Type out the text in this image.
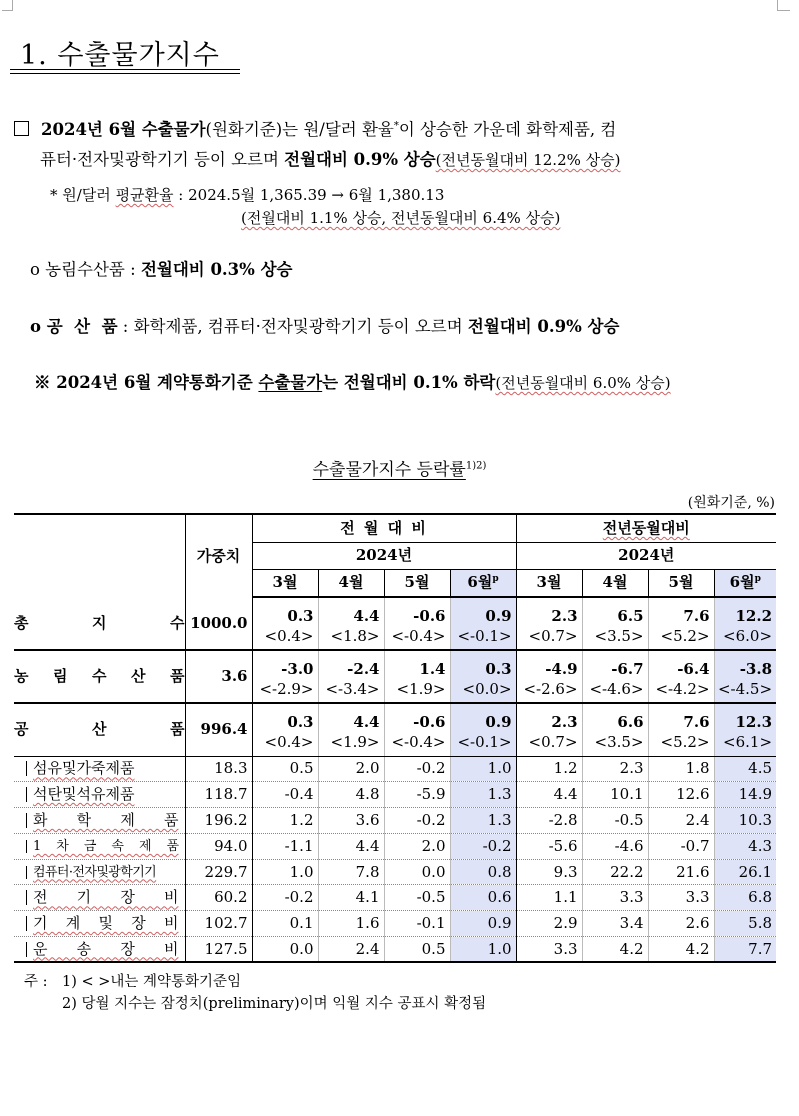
1. 수출물가지수
2024년 6월 수출물가(원화기준)는 원/달러 환율*이 상승한 가운데 화학제품, 컴
퓨터·전자및광학기기 등이 오르며 전월대비 0.9% 상승(전년동월대비 12.2% 상승)
* 원/달러 평균환율 : 2024.5월 1,365.39 → 6월 1,380.13
(전월대비 1.1% 상승, 전년동월대비 6.4% 상승)
o 농림수산품 : 전월대비 0.3% 상승
o 공  산  품 : 화학제품, 컴퓨터·전자및광학기기 등이 오르며 전월대비 0.9% 상승
※ 2024년 6월 계약통화기준 수출물가는 전월대비 0.1% 하락(전년동월대비 6.0% 상승)
수출물가지수 등락률$^{1)2)}$
(원화기준, %)
	가중치	전 월 대 비				전년동월대비			
		2024년				2024년			
		3월	4월	5월	6월$^p$	3월	4월	5월	6월$^p$
총 지 수	1000.0	0.3	4.4	-0.6	0.9	2.3	6.5	7.6	12.2
		<0.4>	<1.8>	<-0.4>	<-0.1>	<0.7>	<3.5>	<5.2>	<6.0>
농 림 수 산 품	3.6	-3.0	-2.4	1.4	0.3	-4.9	-6.7	-6.4	-3.8
		<-2.9>	<-3.4>	<1.9>	<0.0>	<-2.6>	<-4.6>	<-4.2>	<-4.5>
공 산 품	996.4	0.3	4.4	-0.6	0.9	2.3	6.6	7.6	12.3
		<0.4>	<1.9>	<-0.4>	<-0.1>	<0.7>	<3.5>	<5.2>	<6.1>

섬유및가죽제품	18.3	0.5	2.0	-0.2	1.0	1.2	2.3	1.8	4.5

석탄및석유제품	118.7	-0.4	4.8	-5.9	1.3	4.4	10.1	12.6	14.9

화 학 제 품	196.2	1.2	3.6	-0.2	1.3	-2.8	-0.5	2.4	10.3

1 차 금 속 제 품	94.0	-1.1	4.4	2.0	-0.2	-5.6	-4.6	-0.7	4.3

컴퓨터·전자및광학기기	229.7	1.0	7.8	0.0	0.8	9.3	22.2	21.6	26.1

전 기 장 비	60.2	-0.2	4.1	-0.5	0.6	1.1	3.3	3.3	6.8

기 계 및 장 비	102.7	0.1	1.6	-0.1	0.9	2.9	3.4	2.6	5.8

운 송 장 비	127.5	0.0	2.4	0.5	1.0	3.3	4.2	4.2	7.7
주 : 1) < >내는 계약통화기준임
2) 당월 지수는 잠정치(preliminary)이며 익월 지수 공표시 확정됨
